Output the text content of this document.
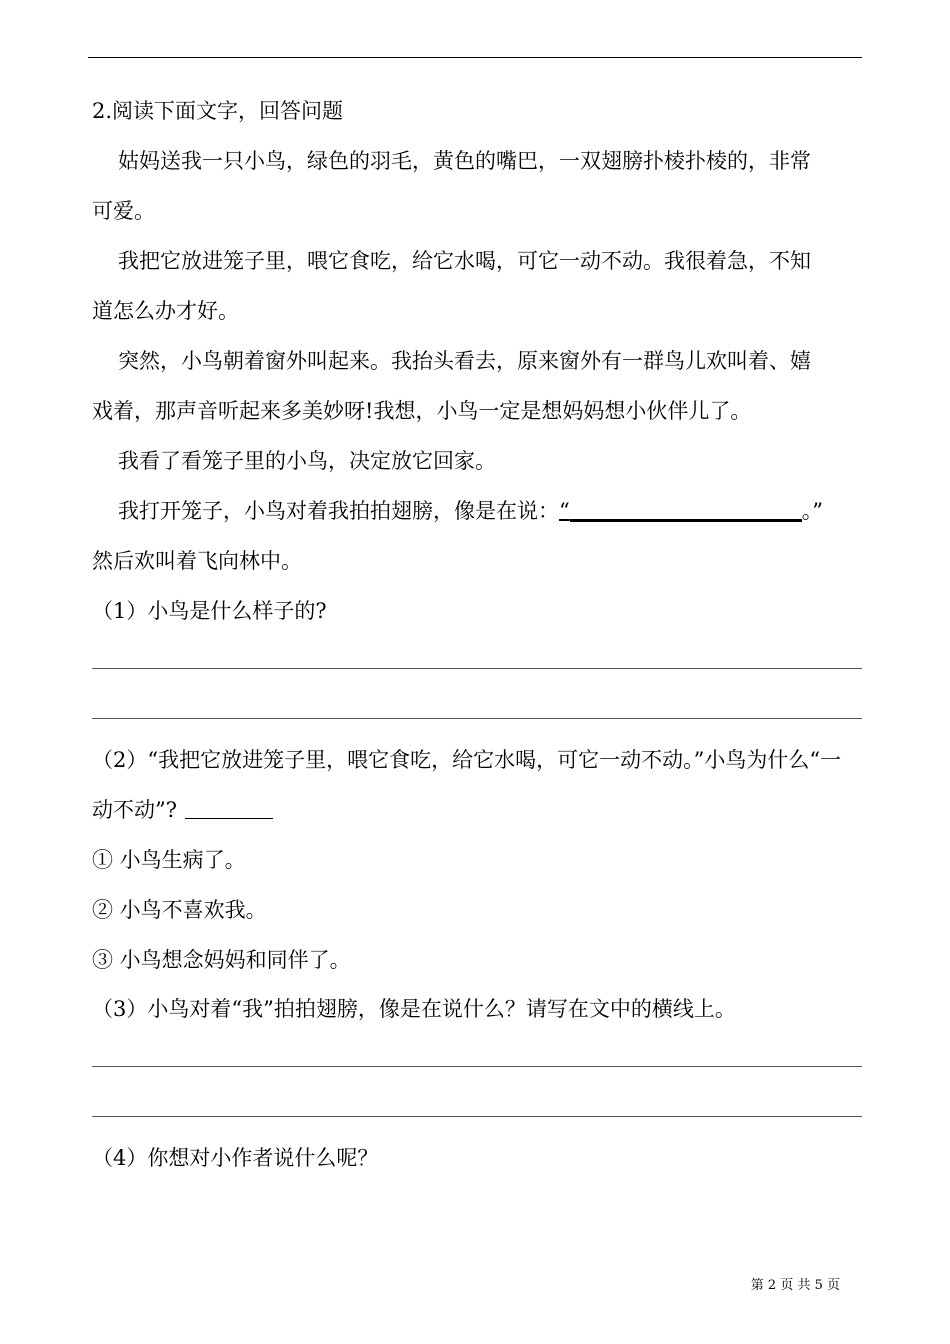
2.阅读下面文字，回答问题
姑妈送我一只小鸟，绿色的羽毛，黄色的嘴巴，一双翅膀扑棱扑棱的，非常
可爱。
我把它放进笼子里，喂它食吃，给它水喝，可它一动不动。我很着急，不知
道怎么办才好。
突然，小鸟朝着窗外叫起来。我抬头看去，原来窗外有一群鸟儿欢叫着、嬉
戏着，那声音听起来多美妙呀!我想，小鸟一定是想妈妈想小伙伴儿了。
我看了看笼子里的小鸟，决定放它回家。
我打开笼子，小鸟对着我拍拍翅膀，像是在说：“	。”
然后欢叫着飞向林中。
（1）小鸟是什么样子的?
（2）“我把它放进笼子里，喂它食吃，给它水喝，可它一动不动。”小鸟为什么“一
动不动”?
① 小鸟生病了。
② 小鸟不喜欢我。
③ 小鸟想念妈妈和同伴了。
（3）小鸟对着“我”拍拍翅膀，像是在说什么？请写在文中的横线上。
（4）你想对小作者说什么呢？
第 2 页 共 5 页
